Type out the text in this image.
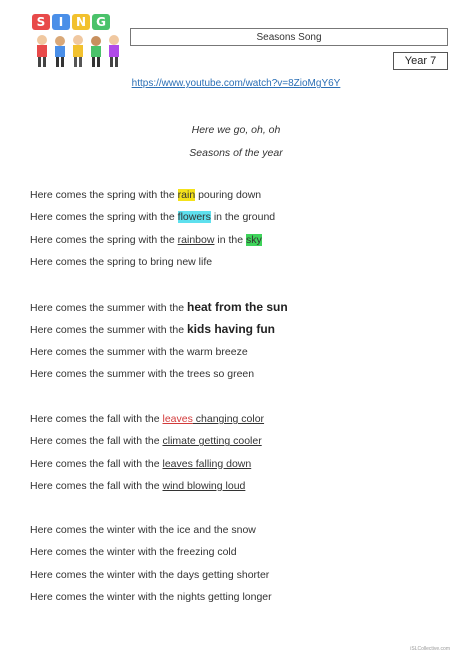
S I N G
Seasons Song
Year 7
https://www.youtube.com/watch?v=8ZioMgY6Y
Here we go, oh, oh
Seasons of the year
Here comes the spring with the rain pouring down
Here comes the spring with the flowers in the ground
Here comes the spring with the rainbow in the sky
Here comes the spring to bring new life
Here comes the summer with the heat from the sun
Here comes the summer with the kids having fun
Here comes the summer with the warm breeze
Here comes the summer with the trees so green
Here comes the fall with the leaves changing color
Here comes the fall with the climate getting cooler
Here comes the fall with the leaves falling down
Here comes the fall with the wind blowing loud
Here comes the winter with the ice and the snow
Here comes the winter with the freezing cold
Here comes the winter with the days getting shorter
Here comes the winter with the nights getting longer
iSLCollective.com
